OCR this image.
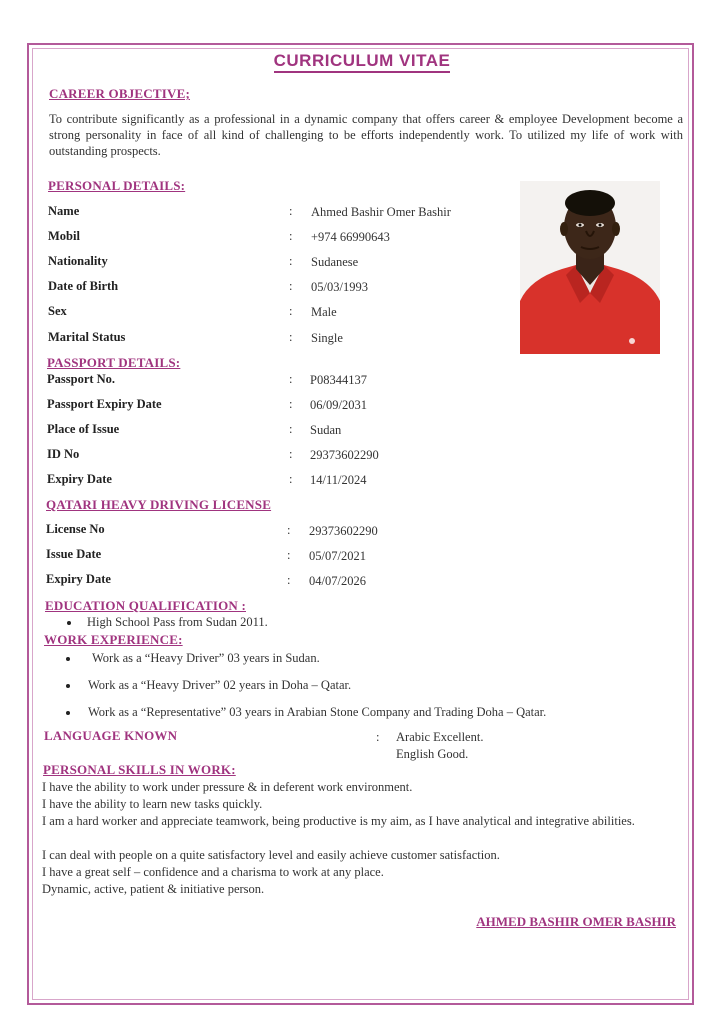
CURRICULUM VITAE
CAREER OBJECTIVE;
To contribute significantly as a professional in a dynamic company that offers career & employee Development become a strong personality in face of all kind of challenging to be efforts independently work. To utilized my life of work with outstanding prospects.
PERSONAL DETAILS:
Name	: Ahmed Bashir Omer Bashir
Mobil	: +974 66990643
Nationality	: Sudanese
Date of Birth	: 05/03/1993
Sex	: Male
Marital Status	: Single
PASSPORT DETAILS:
Passport No.	: P08344137
Passport Expiry Date	: 06/09/2031
Place of Issue	: Sudan
ID No	: 29373602290
Expiry Date	: 14/11/2024
QATARI HEAVY DRIVING LICENSE
License No	: 29373602290
Issue Date	: 05/07/2021
Expiry Date	: 04/07/2026
EDUCATION QUALIFICATION :
High School Pass from Sudan 2011.
WORK EXPERIENCE:
Work as a “Heavy Driver” 03 years in Sudan.
Work as a “Heavy Driver” 02 years in Doha – Qatar.
Work as a “Representative” 03 years in Arabian Stone Company and Trading Doha – Qatar.
LANGUAGE KNOWN	: Arabic Excellent.
English Good.
PERSONAL SKILLS IN WORK:
I have the ability to work under pressure & in deferent work environment.
I have the ability to learn new tasks quickly.
I am a hard worker and appreciate teamwork, being productive is my aim, as I have analytical and integrative abilities.
I can deal with people on a quite satisfactory level and easily achieve customer satisfaction.
I have a great self – confidence and a charisma to work at any place.
Dynamic, active, patient & initiative person.
AHMED BASHIR OMER BASHIR
